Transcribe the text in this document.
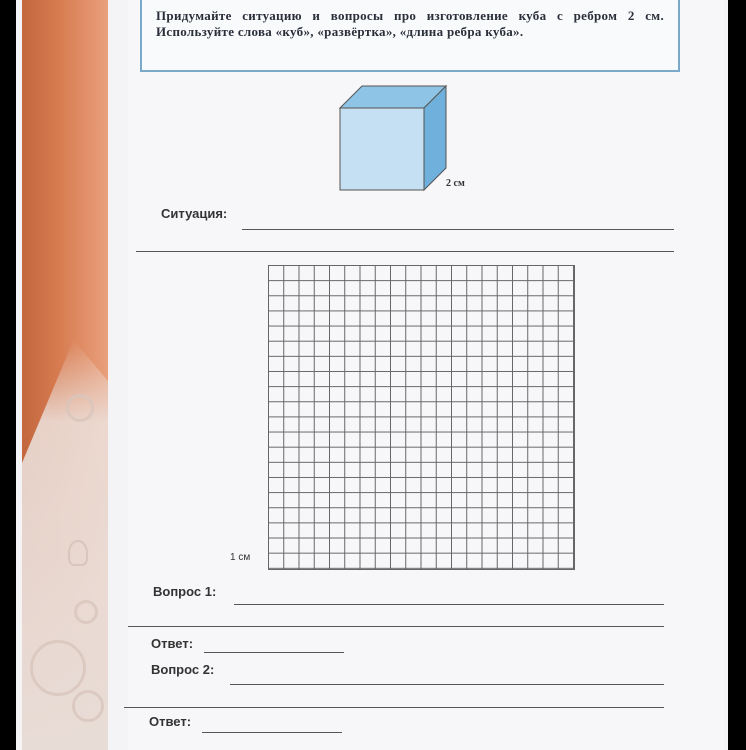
Придумайте ситуацию и вопросы про изготовление куба с ребром 2 см. Используйте слова «куб», «развёртка», «длина ребра куба».
2 см
Ситуация:
1 см
Вопрос 1:
Ответ:
Вопрос 2:
Ответ:
